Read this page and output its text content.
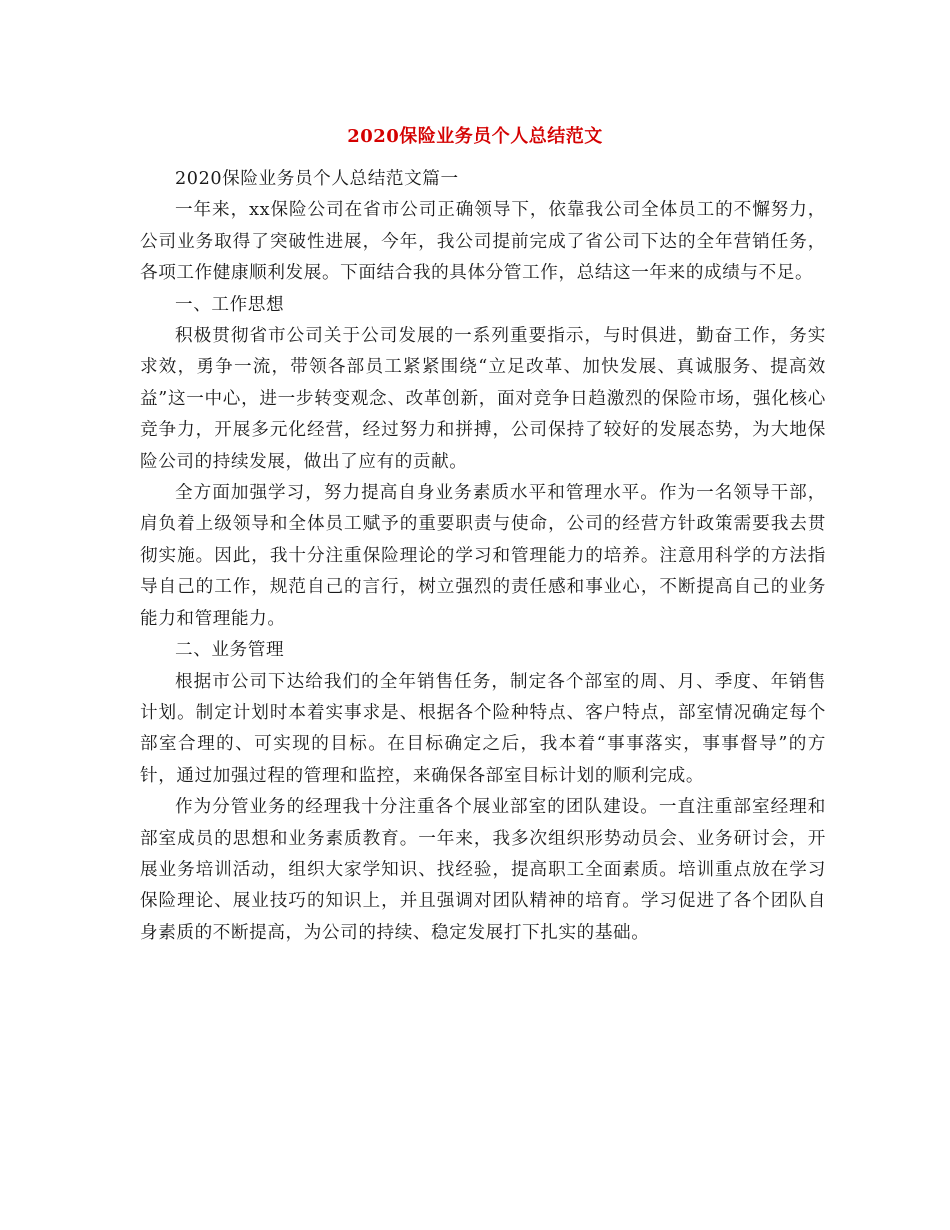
2020保险业务员个人总结范文

2020保险业务员个人总结范文篇一

一年来，xx保险公司在省市公司正确领导下，依靠我公司全体员工的不懈努力，公司业务取得了突破性进展，今年，我公司提前完成了省公司下达的全年营销任务，各项工作健康顺利发展。下面结合我的具体分管工作，总结这一年来的成绩与不足。

一、工作思想

积极贯彻省市公司关于公司发展的一系列重要指示，与时俱进，勤奋工作，务实求效，勇争一流，带领各部员工紧紧围绕“立足改革、加快发展、真诚服务、提高效益”这一中心，进一步转变观念、改革创新，面对竞争日趋激烈的保险市场，强化核心竞争力，开展多元化经营，经过努力和拼搏，公司保持了较好的发展态势，为大地保险公司的持续发展，做出了应有的贡献。

全方面加强学习，努力提高自身业务素质水平和管理水平。作为一名领导干部，肩负着上级领导和全体员工赋予的重要职责与使命，公司的经营方针政策需要我去贯彻实施。因此，我十分注重保险理论的学习和管理能力的培养。注意用科学的方法指导自己的工作，规范自己的言行，树立强烈的责任感和事业心，不断提高自己的业务能力和管理能力。

二、业务管理

根据市公司下达给我们的全年销售任务，制定各个部室的周、月、季度、年销售计划。制定计划时本着实事求是、根据各个险种特点、客户特点，部室情况确定每个部室合理的、可实现的目标。在目标确定之后，我本着“事事落实，事事督导”的方针，通过加强过程的管理和监控，来确保各部室目标计划的顺利完成。

作为分管业务的经理我十分注重各个展业部室的团队建设。一直注重部室经理和部室成员的思想和业务素质教育。一年来，我多次组织形势动员会、业务研讨会，开展业务培训活动，组织大家学知识、找经验，提高职工全面素质。培训重点放在学习保险理论、展业技巧的知识上，并且强调对团队精神的培育。学习促进了各个团队自身素质的不断提高，为公司的持续、稳定发展打下扎实的基础。
